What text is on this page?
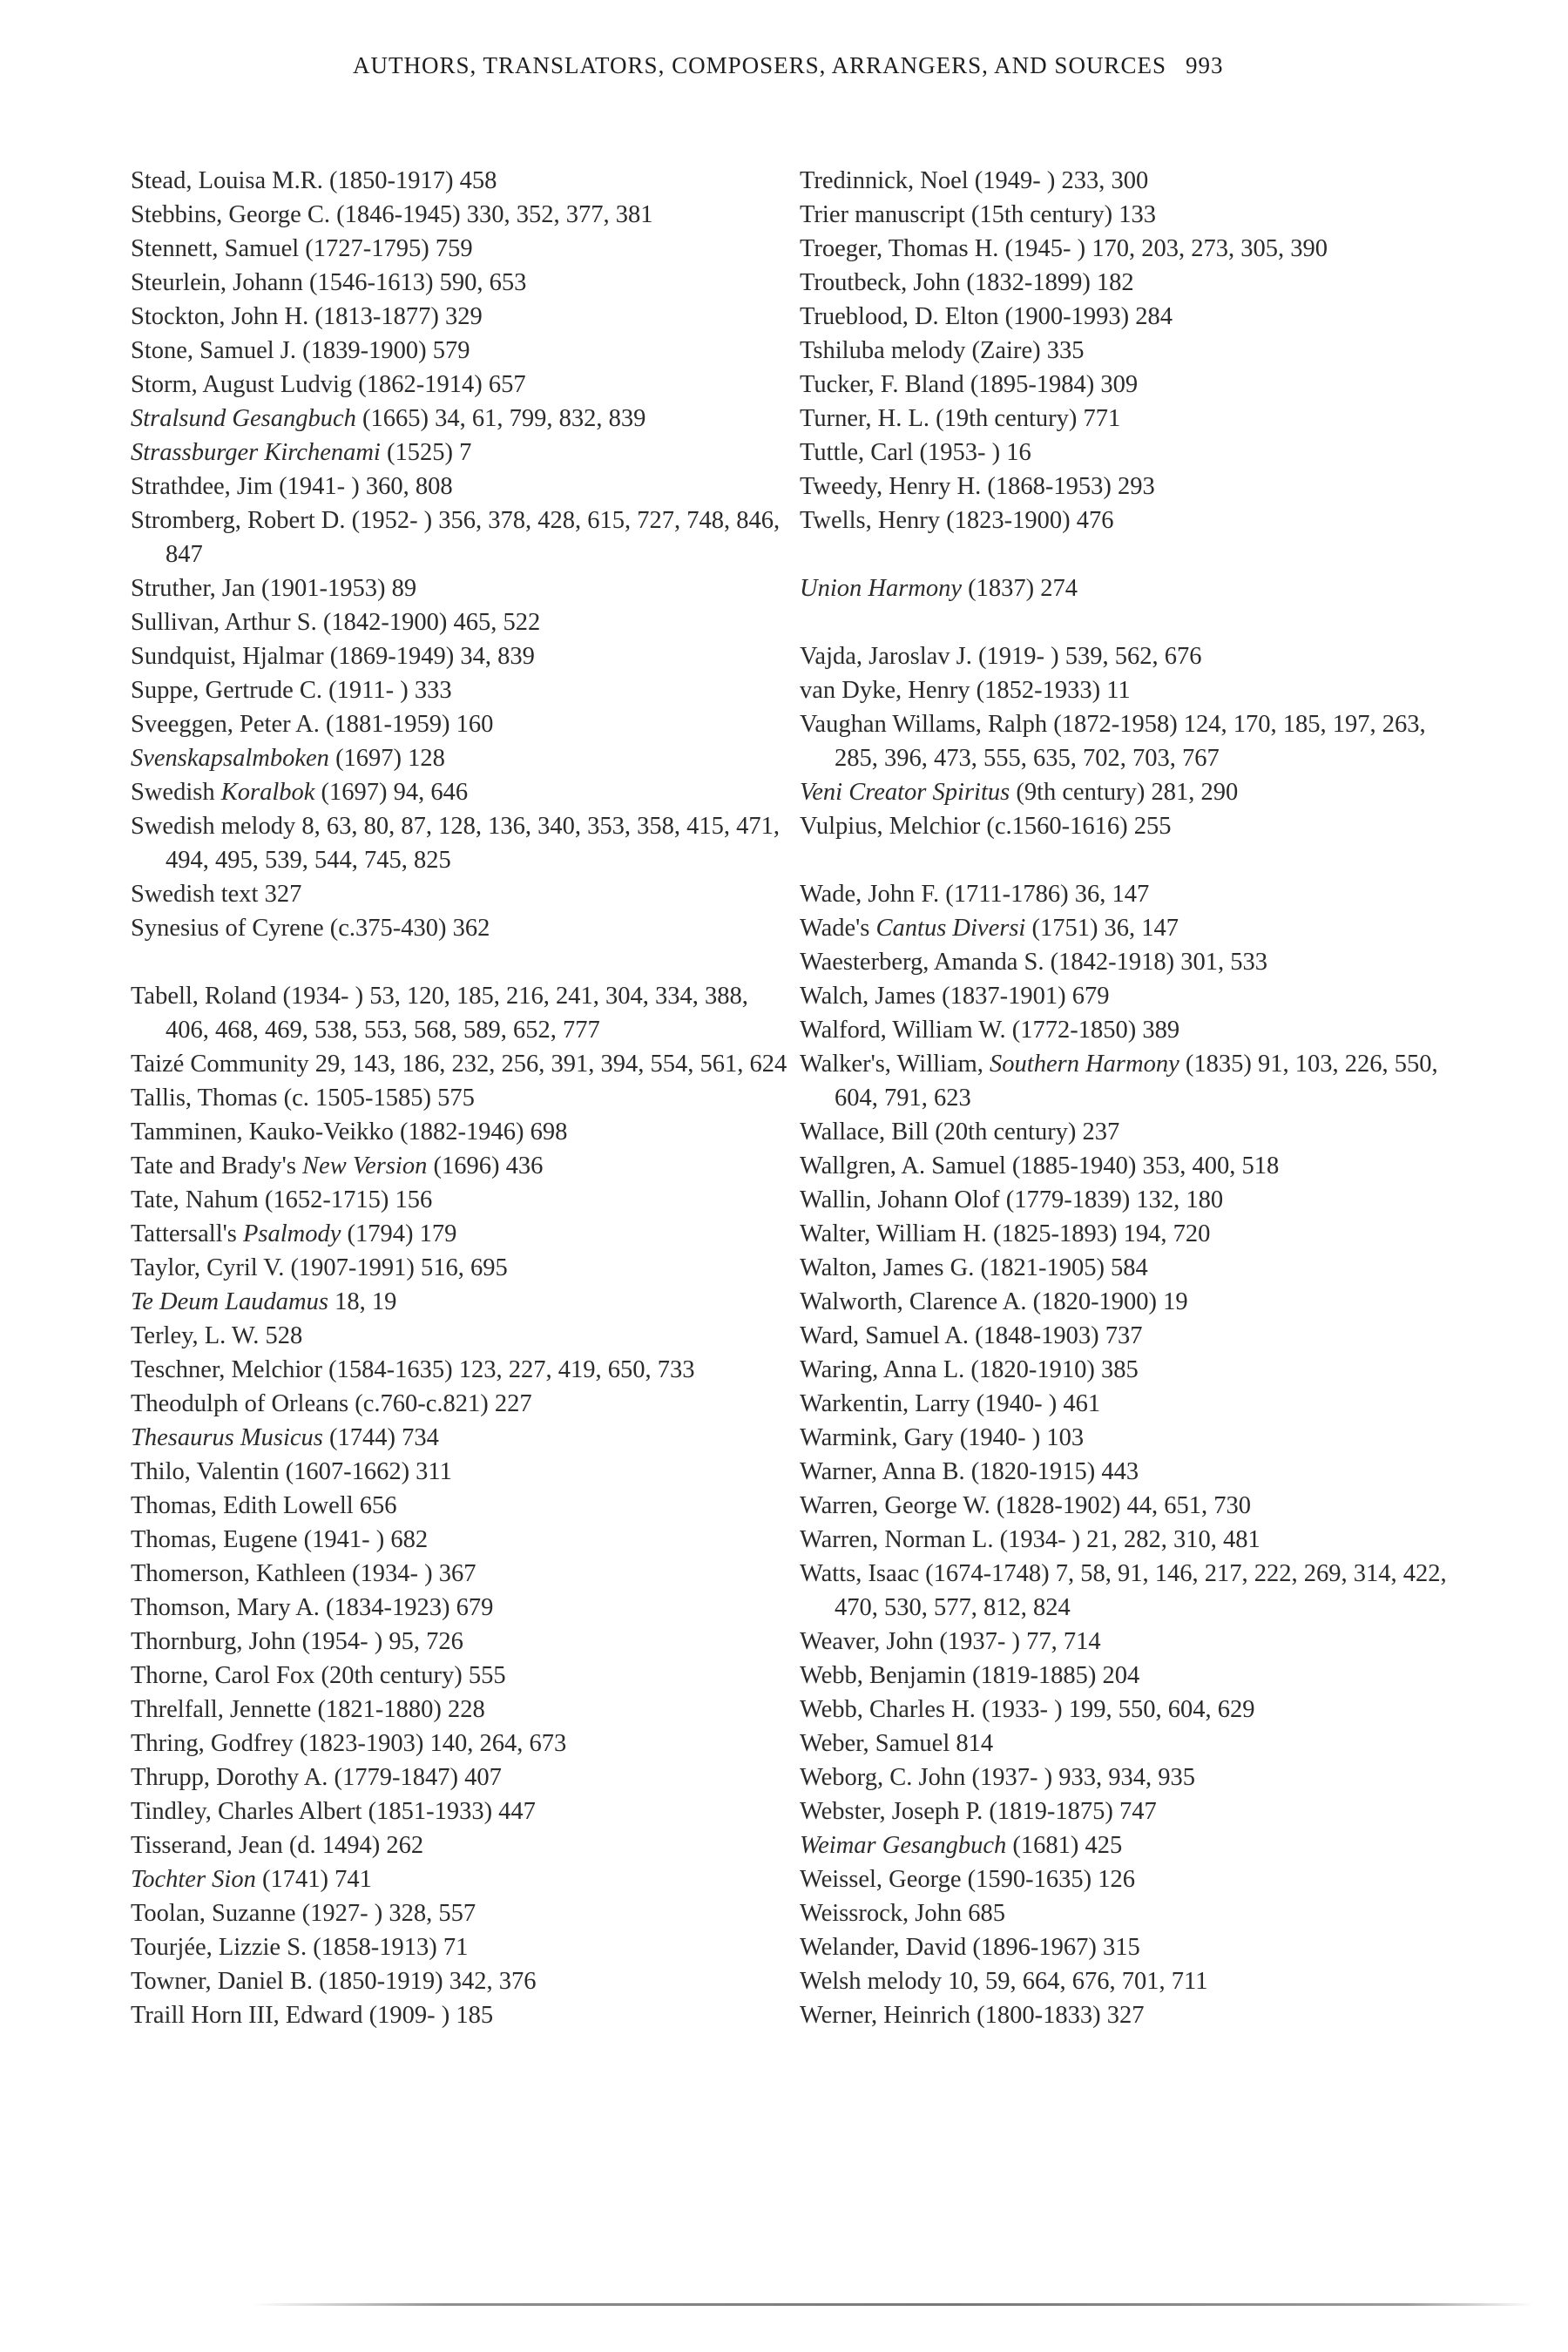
AUTHORS, TRANSLATORS, COMPOSERS, ARRANGERS, AND SOURCES 993
Stead, Louisa M.R. (1850-1917) 458
Stebbins, George C. (1846-1945) 330, 352, 377, 381
Stennett, Samuel (1727-1795) 759
Steurlein, Johann (1546-1613) 590, 653
Stockton, John H. (1813-1877) 329
Stone, Samuel J. (1839-1900) 579
Storm, August Ludvig (1862-1914) 657
Stralsund Gesangbuch (1665) 34, 61, 799, 832, 839
Strassburger Kirchenami (1525) 7
Strathdee, Jim (1941- ) 360, 808
Stromberg, Robert D. (1952- ) 356, 378, 428, 615, 727, 748, 846, 847
Struther, Jan (1901-1953) 89
Sullivan, Arthur S. (1842-1900) 465, 522
Sundquist, Hjalmar (1869-1949) 34, 839
Suppe, Gertrude C. (1911- ) 333
Sveeggen, Peter A. (1881-1959) 160
Svenskapsalmboken (1697) 128
Swedish Koralbok (1697) 94, 646
Swedish melody 8, 63, 80, 87, 128, 136, 340, 353, 358, 415, 471, 494, 495, 539, 544, 745, 825
Swedish text 327
Synesius of Cyrene (c.375-430) 362
Tabell, Roland (1934- ) 53, 120, 185, 216, 241, 304, 334, 388, 406, 468, 469, 538, 553, 568, 589, 652, 777
Taizé Community 29, 143, 186, 232, 256, 391, 394, 554, 561, 624
Tallis, Thomas (c. 1505-1585) 575
Tamminen, Kauko-Veikko (1882-1946) 698
Tate and Brady's New Version (1696) 436
Tate, Nahum (1652-1715) 156
Tattersall's Psalmody (1794) 179
Taylor, Cyril V. (1907-1991) 516, 695
Te Deum Laudamus 18, 19
Terley, L. W. 528
Teschner, Melchior (1584-1635) 123, 227, 419, 650, 733
Theodulph of Orleans (c.760-c.821) 227
Thesaurus Musicus (1744) 734
Thilo, Valentin (1607-1662) 311
Thomas, Edith Lowell 656
Thomas, Eugene (1941- ) 682
Thomerson, Kathleen (1934- ) 367
Thomson, Mary A. (1834-1923) 679
Thornburg, John (1954- ) 95, 726
Thorne, Carol Fox (20th century) 555
Threlfall, Jennette (1821-1880) 228
Thring, Godfrey (1823-1903) 140, 264, 673
Thrupp, Dorothy A. (1779-1847) 407
Tindley, Charles Albert (1851-1933) 447
Tisserand, Jean (d. 1494) 262
Tochter Sion (1741) 741
Toolan, Suzanne (1927- ) 328, 557
Tourjée, Lizzie S. (1858-1913) 71
Towner, Daniel B. (1850-1919) 342, 376
Traill Horn III, Edward (1909- ) 185
Tredinnick, Noel (1949- ) 233, 300
Trier manuscript (15th century) 133
Troeger, Thomas H. (1945- ) 170, 203, 273, 305, 390
Troutbeck, John (1832-1899) 182
Trueblood, D. Elton (1900-1993) 284
Tshiluba melody (Zaire) 335
Tucker, F. Bland (1895-1984) 309
Turner, H. L. (19th century) 771
Tuttle, Carl (1953- ) 16
Tweedy, Henry H. (1868-1953) 293
Twells, Henry (1823-1900) 476
Union Harmony (1837) 274
Vajda, Jaroslav J. (1919- ) 539, 562, 676
van Dyke, Henry (1852-1933) 11
Vaughan Willams, Ralph (1872-1958) 124, 170, 185, 197, 263, 285, 396, 473, 555, 635, 702, 703, 767
Veni Creator Spiritus (9th century) 281, 290
Vulpius, Melchior (c.1560-1616) 255
Wade, John F. (1711-1786) 36, 147
Wade's Cantus Diversi (1751) 36, 147
Waesterberg, Amanda S. (1842-1918) 301, 533
Walch, James (1837-1901) 679
Walford, William W. (1772-1850) 389
Walker's, William, Southern Harmony (1835) 91, 103, 226, 550, 604, 791, 623
Wallace, Bill (20th century) 237
Wallgren, A. Samuel (1885-1940) 353, 400, 518
Wallin, Johann Olof (1779-1839) 132, 180
Walter, William H. (1825-1893) 194, 720
Walton, James G. (1821-1905) 584
Walworth, Clarence A. (1820-1900) 19
Ward, Samuel A. (1848-1903) 737
Waring, Anna L. (1820-1910) 385
Warkentin, Larry (1940- ) 461
Warmink, Gary (1940- ) 103
Warner, Anna B. (1820-1915) 443
Warren, George W. (1828-1902) 44, 651, 730
Warren, Norman L. (1934- ) 21, 282, 310, 481
Watts, Isaac (1674-1748) 7, 58, 91, 146, 217, 222, 269, 314, 422, 470, 530, 577, 812, 824
Weaver, John (1937- ) 77, 714
Webb, Benjamin (1819-1885) 204
Webb, Charles H. (1933- ) 199, 550, 604, 629
Weber, Samuel 814
Weborg, C. John (1937- ) 933, 934, 935
Webster, Joseph P. (1819-1875) 747
Weimar Gesangbuch (1681) 425
Weissel, George (1590-1635) 126
Weissrock, John 685
Welander, David (1896-1967) 315
Welsh melody 10, 59, 664, 676, 701, 711
Werner, Heinrich (1800-1833) 327
